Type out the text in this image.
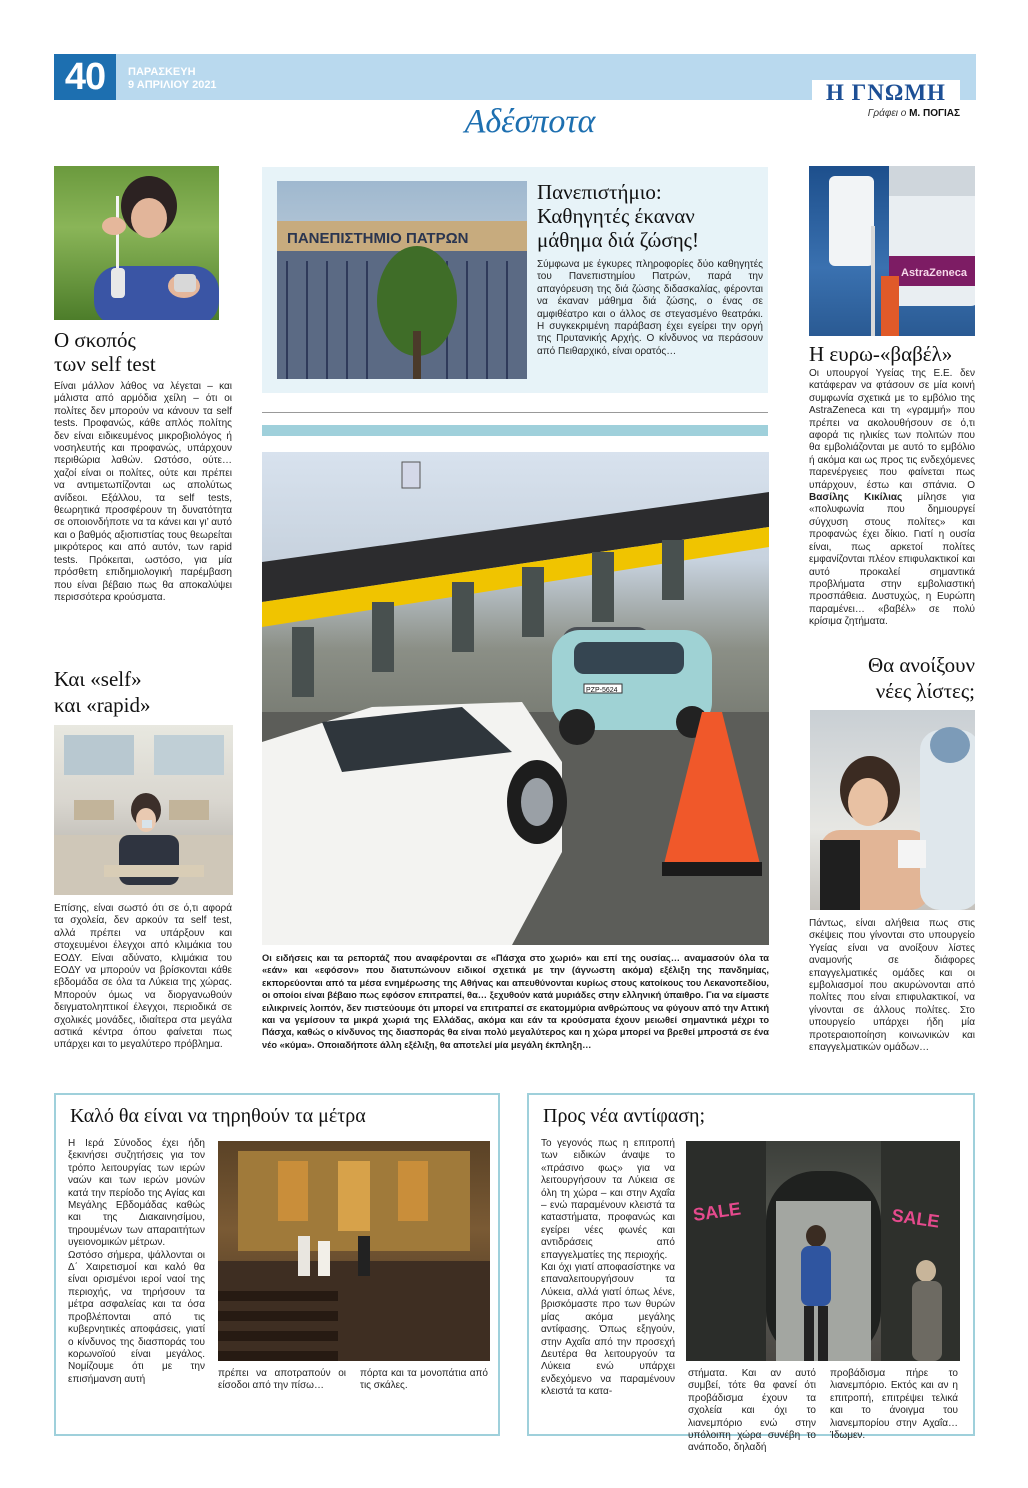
40	ΠΑΡΑΣΚΕΥΗ
9 ΑΠΡΙΛΙΟΥ 2021	Η ΓΝΩΜΗ
Γράφει ο Μ. ΠΟΓΙΑΣ
Αδέσποτα
Ο σκοπός
των self test
Είναι μάλλον λάθος να λέγεται – και μάλιστα από αρμόδια χείλη – ότι οι πολίτες δεν μπορούν να κάνουν τα self tests. Προφανώς, κάθε απλός πολίτης δεν είναι ειδικευμένος μικροβιολόγος ή νοσηλευτής και προφανώς, υπάρχουν περιθώρια λαθών. Ωστόσο, ούτε… χαζοί είναι οι πολίτες, ούτε και πρέπει να αντιμετωπίζονται ως απολύτως ανίδεοι. Εξάλλου, τα self tests, θεωρητικά προσφέρουν τη δυνατότητα σε οποιονδήποτε να τα κάνει και γι’ αυτό και ο βαθμός αξιοπιστίας τους θεωρείται μικρότερος και από αυτόν, των rapid tests. Πρόκειται, ωστόσο, για μία πρόσθετη επιδημιολογική παρέμβαση που είναι βέβαιο πως θα αποκαλύψει περισσότερα κρούσματα.
Και «self»
και «rapid»
Επίσης, είναι σωστό ότι σε ό,τι αφορά τα σχολεία, δεν αρκούν τα self test, αλλά πρέπει να υπάρξουν και στοχευμένοι έλεγχοι από κλιμάκια του ΕΟΔΥ. Είναι αδύνατο, κλιμάκια του ΕΟΔΥ να μπορούν να βρίσκονται κάθε εβδομάδα σε όλα τα Λύκεια της χώρας. Μπορούν όμως να διοργανωθούν δειγματοληπτικοί έλεγχοι, περιοδικά σε σχολικές μονάδες, ιδιαίτερα στα μεγάλα αστικά κέντρα όπου φαίνεται πως υπάρχει και το μεγαλύτερο πρόβλημα.
ΠΑΝΕΠΙΣΤΗΜΙΟ ΠΑΤΡΩΝ
Πανεπιστήμιο:
Καθηγητές έκαναν
μάθημα διά ζώσης!
Σύμφωνα με έγκυρες πληροφορίες δύο καθηγητές του Πανεπιστημίου Πατρών, παρά την απαγόρευση της διά ζώσης διδασκαλίας, φέρονται να έκαναν μάθημα διά ζώσης, ο ένας σε αμφιθέατρο και ο άλλος σε στεγασμένο θεατράκι. Η συγκεκριμένη παράβαση έχει εγείρει την οργή της Πρυτανικής Αρχής. Ο κίνδυνος να περάσουν από Πειθαρχικό, είναι ορατός…
ΡΖΡ-5624
Οι ειδήσεις και τα ρεπορτάζ που αναφέρονται σε «Πάσχα στο χωριό» και επί της ουσίας… αναμασούν όλα τα «εάν» και «εφόσον» που διατυπώνουν ειδικοί σχετικά με την (άγνωστη ακόμα) εξέλιξη της πανδημίας, εκπορεύονται από τα μέσα ενημέρωσης της Αθήνας και απευθύνονται κυρίως στους κατοίκους του Λεκανοπεδίου, οι οποίοι είναι βέβαιο πως εφόσον επιτραπεί, θα… ξεχυθούν κατά μυριάδες στην ελληνική ύπαιθρο. Για να είμαστε ειλικρινείς λοιπόν, δεν πιστεύουμε ότι μπορεί να επιτραπεί σε εκατομμύρια ανθρώπους να φύγουν από την Αττική και να γεμίσουν τα μικρά χωριά της Ελλάδας, ακόμα και εάν τα κρούσματα έχουν μειωθεί σημαντικά μέχρι το Πάσχα, καθώς ο κίνδυνος της διασποράς θα είναι πολύ μεγαλύτερος και η χώρα μπορεί να βρεθεί μπροστά σε ένα νέο «κύμα». Οποιαδήποτε άλλη εξέλιξη, θα αποτελεί μία μεγάλη έκπληξη…
AstraZeneca
Η ευρω-«βαβέλ»
Οι υπουργοί Υγείας της Ε.Ε. δεν κατάφεραν να φτάσουν σε μία κοινή συμφωνία σχετικά με το εμβόλιο της AstraZeneca και τη «γραμμή» που πρέπει να ακολουθήσουν σε ό,τι αφορά τις ηλικίες των πολιτών που θα εμβολιάζονται με αυτό το εμβόλιο ή ακόμα και ως προς τις ενδεχόμενες παρενέργειες που φαίνεται πως υπάρχουν, έστω και σπάνια. Ο Βασίλης Κικίλιας μίλησε για «πολυφωνία που δημιουργεί σύγχυση στους πολίτες» και προφανώς έχει δίκιο. Γιατί η ουσία είναι, πως αρκετοί πολίτες εμφανίζονται πλέον επιφυλακτικοί και αυτό προκαλεί σημαντικά προβλήματα στην εμβολιαστική προσπάθεια. Δυστυχώς, η Ευρώπη παραμένει… «βαβέλ» σε πολύ κρίσιμα ζητήματα.
Θα ανοίξουν
νέες λίστες;
Πάντως, είναι αλήθεια πως στις σκέψεις που γίνονται στο υπουργείο Υγείας είναι να ανοίξουν λίστες αναμονής σε διάφορες επαγγελματικές ομάδες και οι εμβολιασμοί που ακυρώνονται από πολίτες που είναι επιφυλακτικοί, να γίνονται σε άλλους πολίτες. Στο υπουργείο υπάρχει ήδη μία προτεραιοποίηση κοινωνικών και επαγγελματικών ομάδων…
Καλό θα είναι να τηρηθούν τα μέτρα
Η Ιερά Σύνοδος έχει ήδη ξεκινήσει συζητήσεις για τον τρόπο λειτουργίας των ιερών ναών και των ιερών μονών κατά την περίοδο της Αγίας και Μεγάλης Εβδομάδας καθώς και της Διακαινησίμου, τηρουμένων των απαραιτήτων υγειονομικών μέτρων.
Ωστόσο σήμερα, ψάλλονται οι Δ΄ Χαιρετισμοί και καλό θα είναι ορισμένοι ιεροί ναοί της περιοχής, να τηρήσουν τα μέτρα ασφαλείας και τα όσα προβλέπονται από τις κυβερνητικές αποφάσεις, γιατί ο κίνδυνος της διασποράς του κορωνοϊού είναι μεγάλος. Νομίζουμε ότι με την επισήμανση αυτή
πρέπει να αποτραπούν οι είσοδοι από την πίσω…
πόρτα και τα μονοπάτια από τις σκάλες.
Προς νέα αντίφαση;
Το γεγονός πως η επιτροπή των ειδικών άναψε το «πράσινο φως» για να λειτουργήσουν τα Λύκεια σε όλη τη χώρα – και στην Αχαΐα – ενώ παραμένουν κλειστά τα καταστήματα, προφανώς και εγείρει νέες φωνές και αντιδράσεις από επαγγελματίες της περιοχής.
Και όχι γιατί αποφασίστηκε να επαναλειτουργήσουν τα Λύκεια, αλλά γιατί όπως λένε, βρισκόμαστε προ των θυρών μίας ακόμα μεγάλης αντίφασης. Όπως εξηγούν, στην Αχαΐα από την προσεχή Δευτέρα θα λειτουργούν τα Λύκεια ενώ υπάρχει ενδεχόμενο να παραμένουν κλειστά τα κατα-
SALE	SALE
στήματα. Και αν αυτό συμβεί, τότε θα φανεί ότι προβάδισμα έχουν τα σχολεία και όχι το λιανεμπόριο ενώ στην υπόλοιπη χώρα συνέβη το ανάποδο, δηλαδή
προβάδισμα πήρε το λιανεμπόριο. Εκτός και αν η επιτροπή, επιτρέψει τελικά και το άνοιγμα του λιανεμπορίου στην Αχαΐα… Ίδωμεν.
